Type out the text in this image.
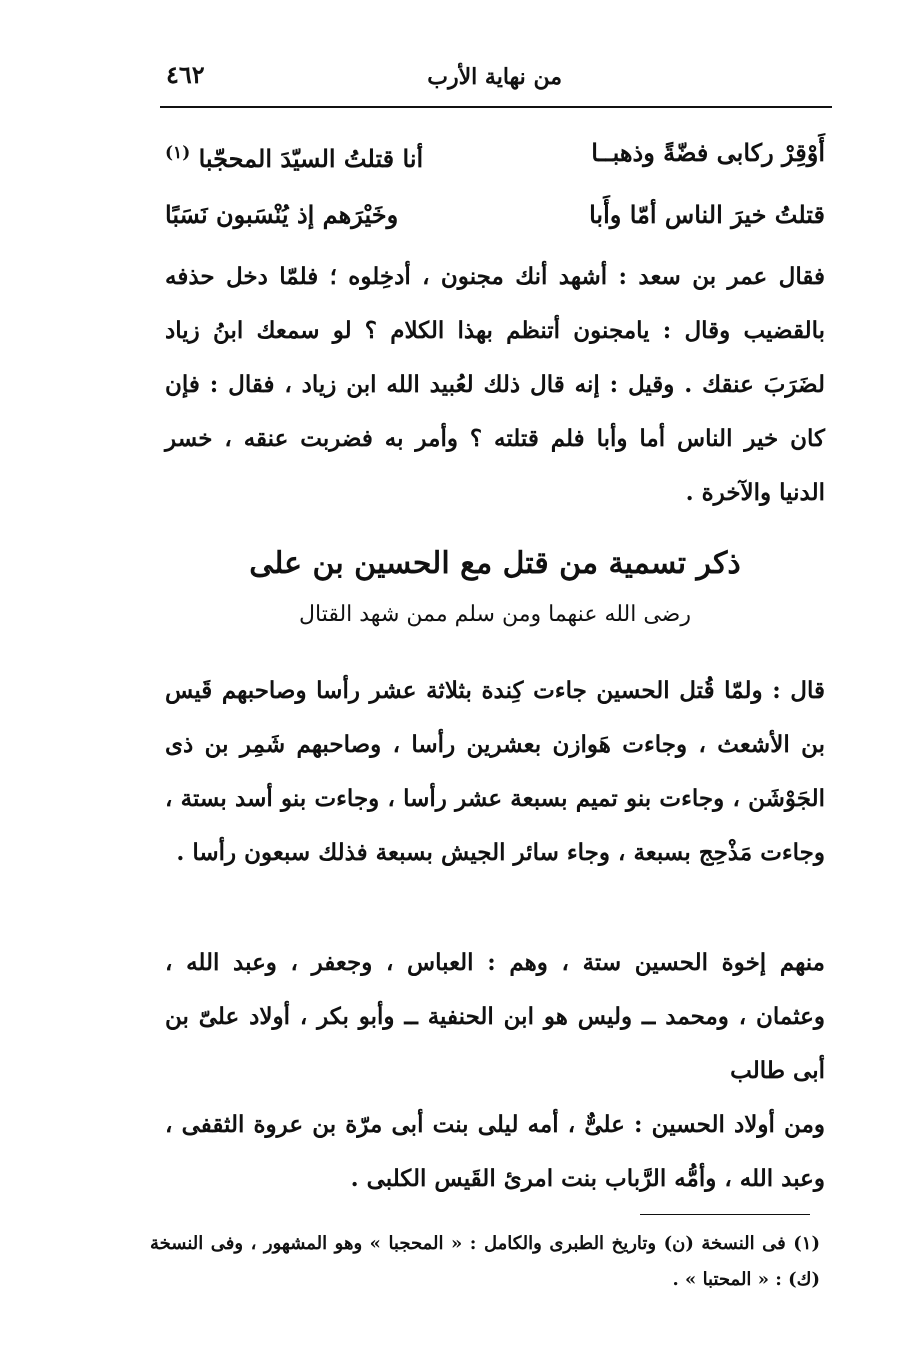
من نهاية الأرب
٤٦٢
أَوْقِرْ ركابى فضّةً وذهبــا
أنا قتلتُ السيّدَ المحجّبا (١)
قتلتُ خيرَ الناس أمّا وأَبا
وخَيْرَهم إذ يُنْسَبون نَسَبًا
فقال عمر بن سعد : أشهد أنك مجنون ، أدخِلوه ؛ فلمّا دخل حذفه بالقضيب وقال : يامجنون أتنظم بهذا الكلام ؟ لو سمعك ابنُ زياد لضَرَبَ عنقك . وقيل : إنه قال ذلك لعُبيد الله ابن زياد ، فقال : فإن كان خير الناس أما وأبا فلم قتلته ؟ وأمر به فضربت عنقه ، خسر الدنيا والآخرة .
ذكر تسمية من قتل مع الحسين بن على
رضى الله عنهما ومن سلم ممن شهد القتال
قال : ولمّا قُتل الحسين جاءت كِندة بثلاثة عشر رأسا وصاحبهم قَيس بن الأشعث ، وجاءت هَوازن بعشرين رأسا ، وصاحبهم شَمِر بن ذى الجَوْشَن ، وجاءت بنو تميم بسبعة عشر رأسا ، وجاءت بنو أسد بستة ، وجاءت مَذْحِج بسبعة ، وجاء سائر الجيش بسبعة فذلك سبعون رأسا .
منهم إخوة الحسين ستة ، وهم : العباس ، وجعفر ، وعبد الله ، وعثمان ، ومحمد ــ وليس هو ابن الحنفية ــ وأبو بكر ، أولاد علىّ بن أبى طالب
ومن أولاد الحسين : علىٌّ ، أمه ليلى بنت أبى مرّة بن عروة الثقفى ، وعبد الله ، وأمُّه الرَّباب بنت امرئ القَيس الكلبى .
(١) فى النسخة (ن) وتاريخ الطبرى والكامل : « المحجبا » وهو المشهور ، وفى النسخة (ك) : « المحتبا » .
